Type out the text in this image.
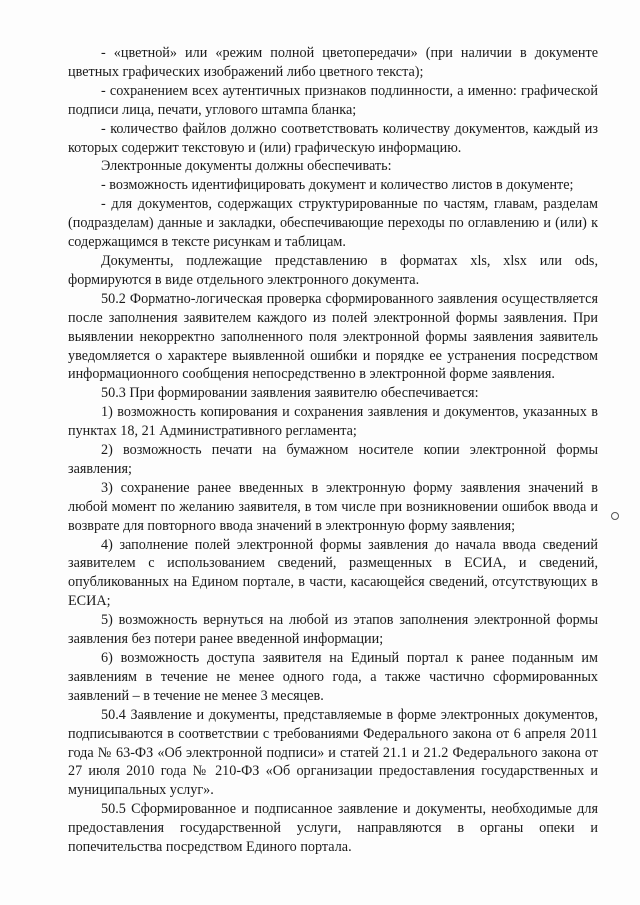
- «цветной» или «режим полной цветопередачи» (при наличии в документе цветных графических изображений либо цветного текста);

- сохранением всех аутентичных признаков подлинности, а именно: графической подписи лица, печати, углового штампа бланка;

- количество файлов должно соответствовать количеству документов, каждый из которых содержит текстовую и (или) графическую информацию.

Электронные документы должны обеспечивать:

- возможность идентифицировать документ и количество листов в документе;

- для документов, содержащих структурированные по частям, главам, разделам (подразделам) данные и закладки, обеспечивающие переходы по оглавлению и (или) к содержащимся в тексте рисункам и таблицам.

Документы, подлежащие представлению в форматах xls, xlsx или ods, формируются в виде отдельного электронного документа.

50.2 Форматно-логическая проверка сформированного заявления осуществляется после заполнения заявителем каждого из полей электронной формы заявления. При выявлении некорректно заполненного поля электронной формы заявления заявитель уведомляется о характере выявленной ошибки и порядке ее устранения посредством информационного сообщения непосредственно в электронной форме заявления.

50.3 При формировании заявления заявителю обеспечивается:

1) возможность копирования и сохранения заявления и документов, указанных в пунктах 18, 21 Административного регламента;

2) возможность печати на бумажном носителе копии электронной формы заявления;

3) сохранение ранее введенных в электронную форму заявления значений в любой момент по желанию заявителя, в том числе при возникновении ошибок ввода и возврате для повторного ввода значений в электронную форму заявления;

4) заполнение полей электронной формы заявления до начала ввода сведений заявителем с использованием сведений, размещенных в ЕСИА, и сведений, опубликованных на Едином портале, в части, касающейся сведений, отсутствующих в ЕСИА;

5) возможность вернуться на любой из этапов заполнения электронной формы заявления без потери ранее введенной информации;

6) возможность доступа заявителя на Единый портал к ранее поданным им заявлениям в течение не менее одного года, а также частично сформированных заявлений – в течение не менее 3 месяцев.

50.4 Заявление и документы, представляемые в форме электронных документов, подписываются в соответствии с требованиями Федерального закона от 6 апреля 2011 года № 63-ФЗ «Об электронной подписи» и статей 21.1 и 21.2 Федерального закона от 27 июля 2010 года № 210-ФЗ «Об организации предоставления государственных и муниципальных услуг».

50.5 Сформированное и подписанное заявление и документы, необходимые для предоставления государственной услуги, направляются в органы опеки и попечительства посредством Единого портала.
